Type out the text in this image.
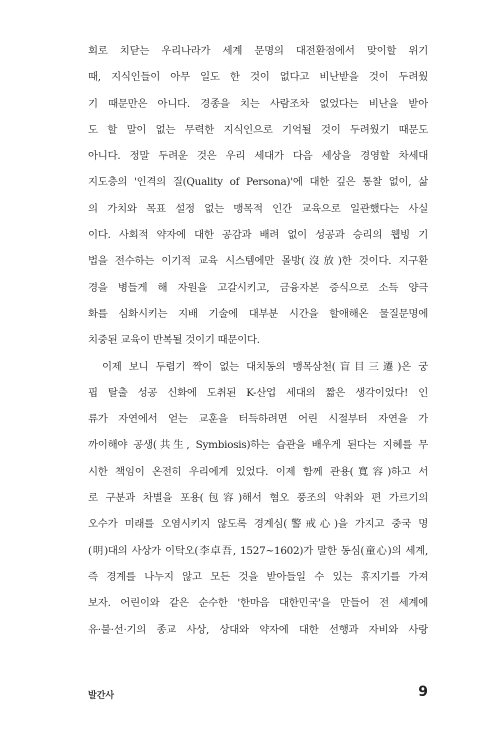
회로 치닫는 우리나라가 세계 문명의 대전환점에서 맞이할 위기
때, 지식인들이 아무 일도 한 것이 없다고 비난받을 것이 두려웠
기 때문만은 아니다. 경종을 치는 사람조차 없었다는 비난을 받아
도 할 말이 없는 무력한 지식인으로 기억될 것이 두려웠기 때문도
아니다. 정말 두려운 것은 우리 세대가 다음 세상을 경영할 차세대
지도층의 '인격의 질(Quality of Persona)'에 대한 깊은 통찰 없이, 삶
의 가치와 목표 설정 없는 맹목적 인간 교육으로 일관했다는 사실
이다. 사회적 약자에 대한 공감과 배려 없이 성공과 승리의 웹빙 기
법을 전수하는 이기적 교육 시스템에만 몰방(沒放)한 것이다. 지구환
경을 병들게 해 자원을 고갈시키고, 금융자본 증식으로 소득 양극
화를 심화시키는 지배 기술에 대부분 시간을 할애해온 물질문명에
치중된 교육이 반복될 것이기 때문이다.
이제 보니 두렵기 짝이 없는 대치동의 맹목삼천(盲目三遷)은 궁
핍 탈출 성공 신화에 도취된 K-산업 세대의 짧은 생각이었다! 인
류가 자연에서 얻는 교훈을 터득하려면 어린 시절부터 자연을 가
까이해야 공생(共生, Symbiosis)하는 습관을 배우게 된다는 지혜를 무
시한 책임이 온전히 우리에게 있었다. 이제 함께 관용(寬容)하고 서
로 구분과 차별을 포용(包容)해서 혐오 풍조의 악취와 편 가르기의
오수가 미래를 오염시키지 않도록 경계심(警戒心)을 가지고 중국 명
(明)대의 사상가 이탁오(李卓吾, 1527~1602)가 말한 동심(童心)의 세계,
즉 경계를 나누지 않고 모든 것을 받아들일 수 있는 휴지기를 가져
보자. 어린이와 같은 순수한 '한마음 대한민국'을 만들어 전 세계에
유·불·선·기의 종교 사상, 상대와 약자에 대한 선행과 자비와 사랑
발간사	9
